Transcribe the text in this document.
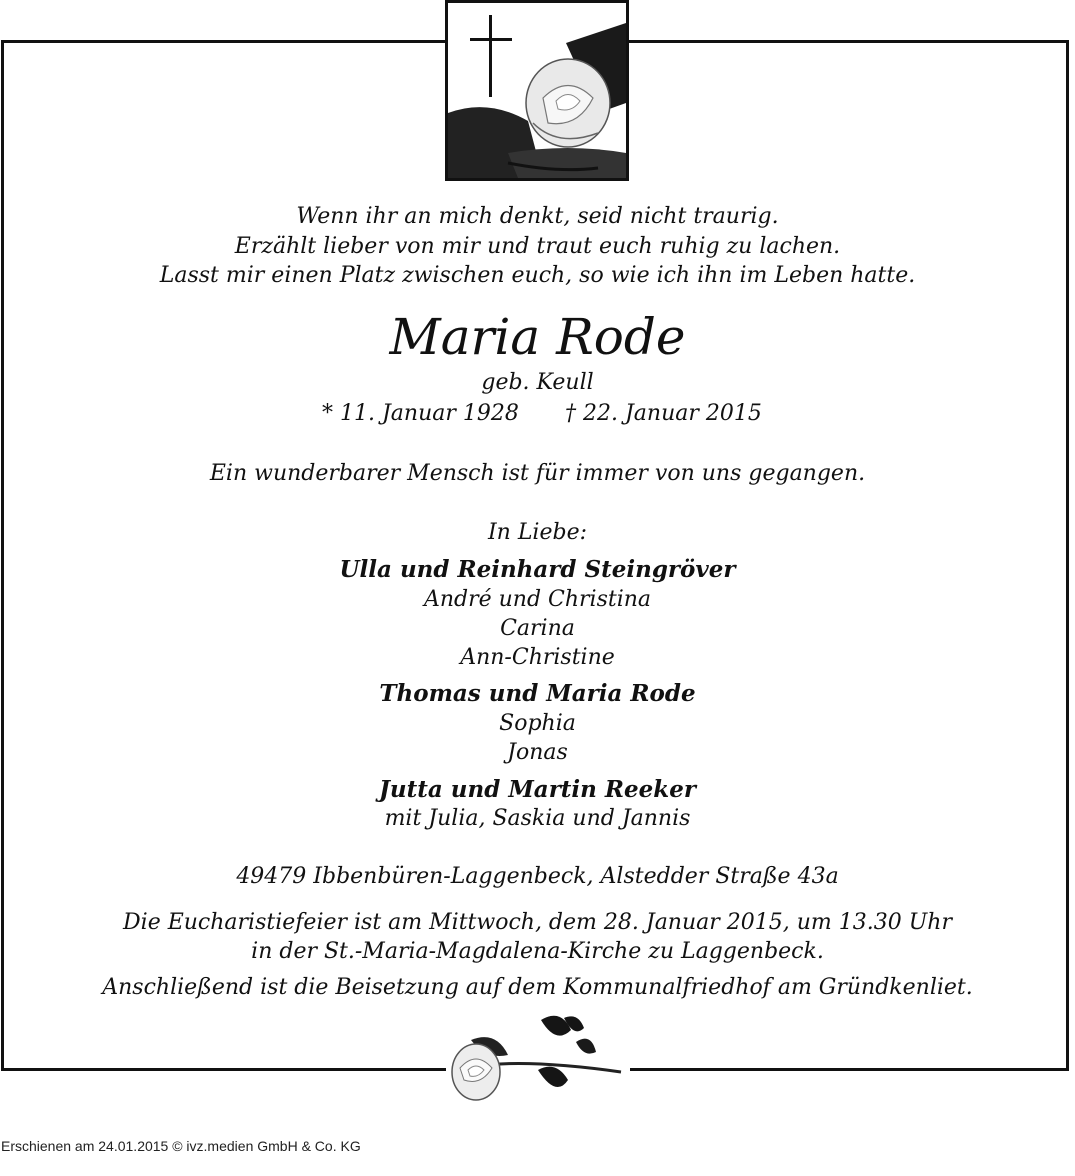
Wenn ihr an mich denkt, seid nicht traurig.
Erzählt lieber von mir und traut euch ruhig zu lachen.
Lasst mir einen Platz zwischen euch, so wie ich ihn im Leben hatte.
Maria Rode
geb. Keull
* 11. Januar 1928 † 22. Januar 2015
Ein wunderbarer Mensch ist für immer von uns gegangen.
In Liebe:
Ulla und Reinhard Steingröver
André und Christina
Carina
Ann-Christine
Thomas und Maria Rode
Sophia
Jonas
Jutta und Martin Reeker
mit Julia, Saskia und Jannis
49479 Ibbenbüren-Laggenbeck, Alstedder Straße 43a
Die Eucharistiefeier ist am Mittwoch, dem 28. Januar 2015, um 13.30 Uhr
in der St.-Maria-Magdalena-Kirche zu Laggenbeck.
Anschließend ist die Beisetzung auf dem Kommunalfriedhof am Gründkenliet.
Erschienen am 24.01.2015 © ivz.medien GmbH & Co. KG
